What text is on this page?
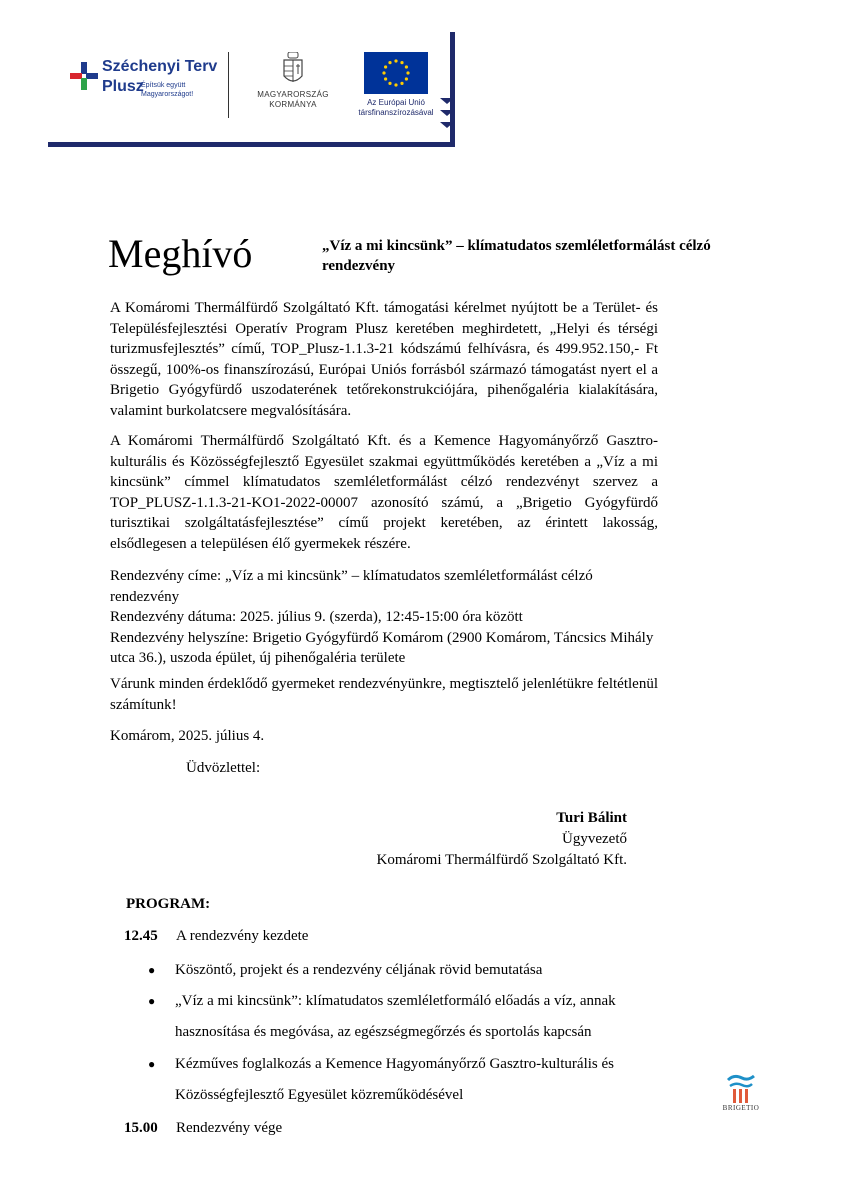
Széchenyi Terv
Plusz
Építsük együtt Magyarországot!	MAGYARORSZÁG
KORMÁNYA	Az Európai Unió
társfinanszírozásával
Meghívó	„Víz a mi kincsünk” – klímatudatos szemléletformálást célzó rendezvény
A Komáromi Thermálfürdő Szolgáltató Kft. támogatási kérelmet nyújtott be a Terület- és Településfejlesztési Operatív Program Plusz keretében meghirdetett, „Helyi és térségi turizmusfejlesztés” című, TOP_Plusz-1.1.3-21 kódszámú felhívásra, és 499.952.150,- Ft összegű, 100%-os finanszírozású, Európai Uniós forrásból származó támogatást nyert el a Brigetio Gyógyfürdő uszodaterének tetőrekonstrukciójára, pihenőgaléria kialakítására, valamint burkolatcsere megvalósítására.
A Komáromi Thermálfürdő Szolgáltató Kft. és a Kemence Hagyományőrző Gasztro-kulturális és Közösségfejlesztő Egyesület szakmai együttműködés keretében a „Víz a mi kincsünk” címmel klímatudatos szemléletformálást célzó rendezvényt szervez a TOP_PLUSZ-1.1.3-21-KO1-2022-00007 azonosító számú, a „Brigetio Gyógyfürdő turisztikai szolgáltatásfejlesztése” című projekt keretében, az érintett lakosság, elsődlegesen a településen élő gyermekek részére.
Rendezvény címe: „Víz a mi kincsünk” – klímatudatos szemléletformálást célzó rendezvény
Rendezvény dátuma: 2025. július 9. (szerda), 12:45-15:00 óra között
Rendezvény helyszíne: Brigetio Gyógyfürdő Komárom (2900 Komárom, Táncsics Mihály utca 36.), uszoda épület, új pihenőgaléria területe
Várunk minden érdeklődő gyermeket rendezvényünkre, megtisztelő jelenlétükre feltétlenül számítunk!
Komárom, 2025. július 4.
Üdvözlettel:
Turi Bálint
Ügyvezető
Komáromi Thermálfürdő Szolgáltató Kft.
PROGRAM:
12.45 A rendezvény kezdete
● Köszöntő, projekt és a rendezvény céljának rövid bemutatása
● „Víz a mi kincsünk”: klímatudatos szemléletformáló előadás a víz, annak hasznosítása és megóvása, az egészségmegőrzés és sportolás kapcsán
● Kézműves foglalkozás a Kemence Hagyományőrző Gasztro-kulturális és Közösségfejlesztő Egyesület közreműködésével
15.00 Rendezvény vége
BRIGETIO
